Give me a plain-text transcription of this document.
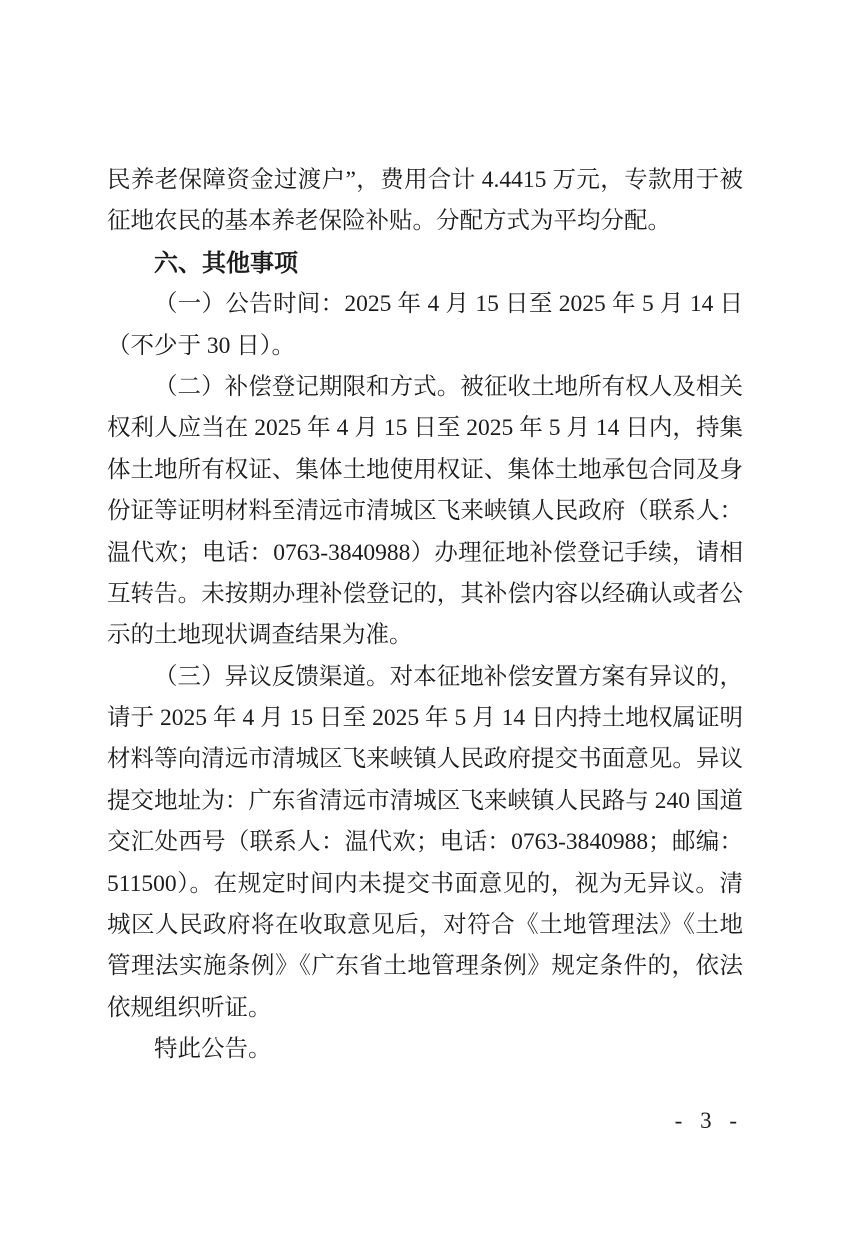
民养老保障资金过渡户”，费用合计 4.4415 万元，专款用于被
征地农民的基本养老保险补贴。分配方式为平均分配。
六、其他事项
（一）公告时间：2025 年 4 月 15 日至 2025 年 5 月 14 日
（不少于 30 日）。
（二）补偿登记期限和方式。被征收土地所有权人及相关
权利人应当在 2025 年 4 月 15 日至 2025 年 5 月 14 日内，持集
体土地所有权证、集体土地使用权证、集体土地承包合同及身
份证等证明材料至清远市清城区飞来峡镇人民政府（联系人：
温代欢；电话：0763-3840988）办理征地补偿登记手续，请相
互转告。未按期办理补偿登记的，其补偿内容以经确认或者公
示的土地现状调查结果为准。
（三）异议反馈渠道。对本征地补偿安置方案有异议的，
请于 2025 年 4 月 15 日至 2025 年 5 月 14 日内持土地权属证明
材料等向清远市清城区飞来峡镇人民政府提交书面意见。异议
提交地址为：广东省清远市清城区飞来峡镇人民路与 240 国道
交汇处西号（联系人：温代欢；电话：0763-3840988；邮编：
511500）。在规定时间内未提交书面意见的，视为无异议。清
城区人民政府将在收取意见后，对符合《土地管理法》《土地
管理法实施条例》《广东省土地管理条例》规定条件的，依法
依规组织听证。
特此公告。
- 3 -
